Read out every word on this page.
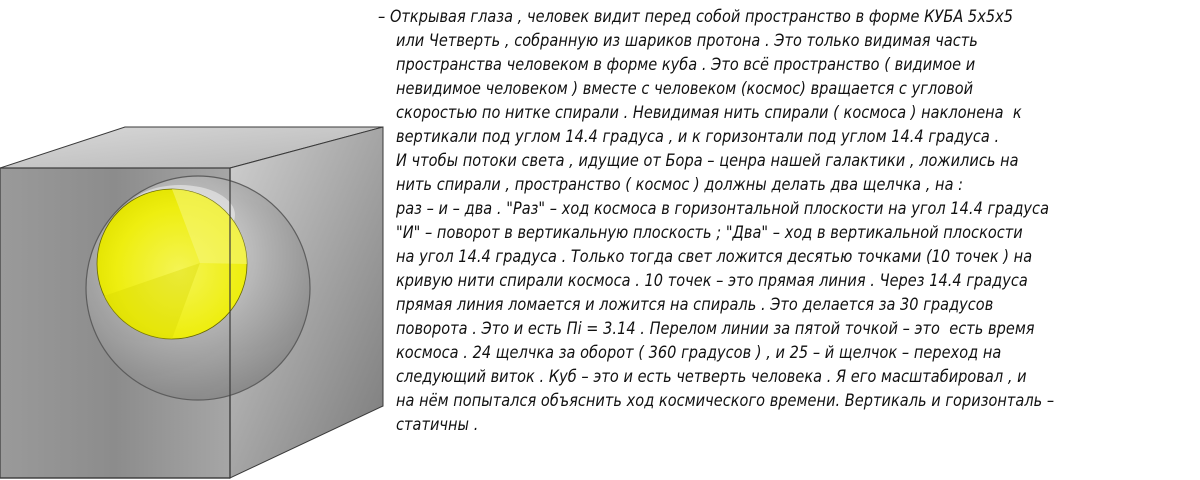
– Открывая глаза , человек видит перед собой пространство в форме КУБА 5х5х5
или Четверть , собранную из шариков протона . Это только видимая часть
пространства человеком в форме куба . Это всё пространство ( видимое и
невидимое человеком ) вместе с человеком (космос) вращается с угловой
скоростью по нитке спирали . Невидимая нить спирали ( космоса ) наклонена  к
вертикали под углом 14.4 градуса , и к горизонтали под углом 14.4 градуса .
И чтобы потоки света , идущие от Бора – ценра нашей галактики , ложились на
нить спирали , пространство ( космос ) должны делать два щелчка , на :
раз – и – два . "Раз" – ход космоса в горизонтальной плоскости на угол 14.4 градуса
"И" – поворот в вертикальную плоскость ; "Два" – ход в вертикальной плоскости
на угол 14.4 градуса . Только тогда свет ложится десятью точками (10 точек ) на
кривую нити спирали космоса . 10 точек – это прямая линия . Через 14.4 градуса
прямая линия ломается и ложится на спираль . Это делается за 30 градусов
поворота . Это и есть Пi = 3.14 . Перелом линии за пятой точкой – это  есть время
космоса . 24 щелчка за оборот ( 360 градусов ) , и 25 – й щелчок – переход на
следующий виток . Куб – это и есть четверть человека . Я его масштабировал , и
на нём попытался объяснить ход космического времени. Вертикаль и горизонталь –
статичны .
